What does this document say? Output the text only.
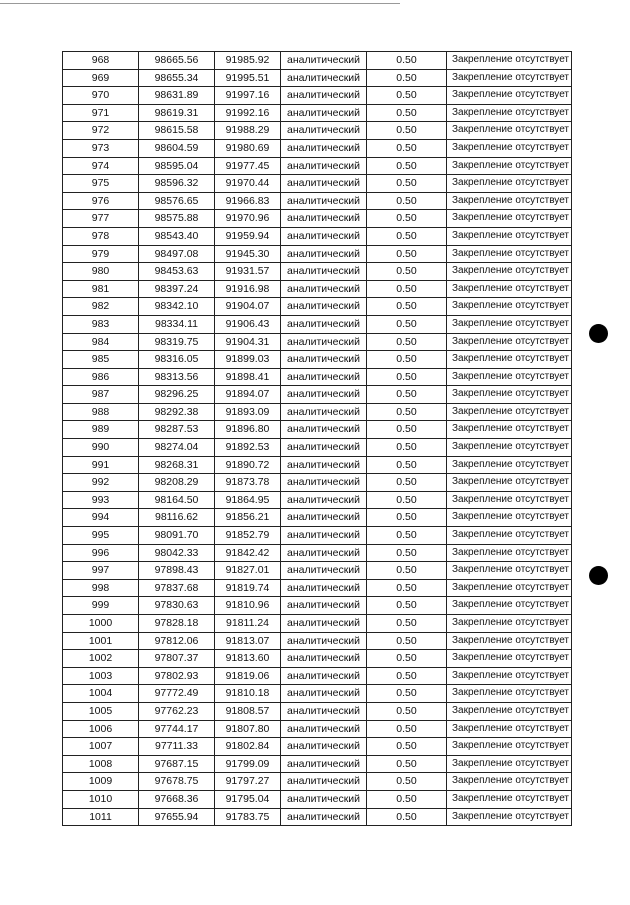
968	98665.56	91985.92	аналитический	0.50	Закрепление отсутствует
969	98655.34	91995.51	аналитический	0.50	Закрепление отсутствует
970	98631.89	91997.16	аналитический	0.50	Закрепление отсутствует
971	98619.31	91992.16	аналитический	0.50	Закрепление отсутствует
972	98615.58	91988.29	аналитический	0.50	Закрепление отсутствует
973	98604.59	91980.69	аналитический	0.50	Закрепление отсутствует
974	98595.04	91977.45	аналитический	0.50	Закрепление отсутствует
975	98596.32	91970.44	аналитический	0.50	Закрепление отсутствует
976	98576.65	91966.83	аналитический	0.50	Закрепление отсутствует
977	98575.88	91970.96	аналитический	0.50	Закрепление отсутствует
978	98543.40	91959.94	аналитический	0.50	Закрепление отсутствует
979	98497.08	91945.30	аналитический	0.50	Закрепление отсутствует
980	98453.63	91931.57	аналитический	0.50	Закрепление отсутствует
981	98397.24	91916.98	аналитический	0.50	Закрепление отсутствует
982	98342.10	91904.07	аналитический	0.50	Закрепление отсутствует
983	98334.11	91906.43	аналитический	0.50	Закрепление отсутствует
984	98319.75	91904.31	аналитический	0.50	Закрепление отсутствует
985	98316.05	91899.03	аналитический	0.50	Закрепление отсутствует
986	98313.56	91898.41	аналитический	0.50	Закрепление отсутствует
987	98296.25	91894.07	аналитический	0.50	Закрепление отсутствует
988	98292.38	91893.09	аналитический	0.50	Закрепление отсутствует
989	98287.53	91896.80	аналитический	0.50	Закрепление отсутствует
990	98274.04	91892.53	аналитический	0.50	Закрепление отсутствует
991	98268.31	91890.72	аналитический	0.50	Закрепление отсутствует
992	98208.29	91873.78	аналитический	0.50	Закрепление отсутствует
993	98164.50	91864.95	аналитический	0.50	Закрепление отсутствует
994	98116.62	91856.21	аналитический	0.50	Закрепление отсутствует
995	98091.70	91852.79	аналитический	0.50	Закрепление отсутствует
996	98042.33	91842.42	аналитический	0.50	Закрепление отсутствует
997	97898.43	91827.01	аналитический	0.50	Закрепление отсутствует
998	97837.68	91819.74	аналитический	0.50	Закрепление отсутствует
999	97830.63	91810.96	аналитический	0.50	Закрепление отсутствует
1000	97828.18	91811.24	аналитический	0.50	Закрепление отсутствует
1001	97812.06	91813.07	аналитический	0.50	Закрепление отсутствует
1002	97807.37	91813.60	аналитический	0.50	Закрепление отсутствует
1003	97802.93	91819.06	аналитический	0.50	Закрепление отсутствует
1004	97772.49	91810.18	аналитический	0.50	Закрепление отсутствует
1005	97762.23	91808.57	аналитический	0.50	Закрепление отсутствует
1006	97744.17	91807.80	аналитический	0.50	Закрепление отсутствует
1007	97711.33	91802.84	аналитический	0.50	Закрепление отсутствует
1008	97687.15	91799.09	аналитический	0.50	Закрепление отсутствует
1009	97678.75	91797.27	аналитический	0.50	Закрепление отсутствует
1010	97668.36	91795.04	аналитический	0.50	Закрепление отсутствует
1011	97655.94	91783.75	аналитический	0.50	Закрепление отсутствует
